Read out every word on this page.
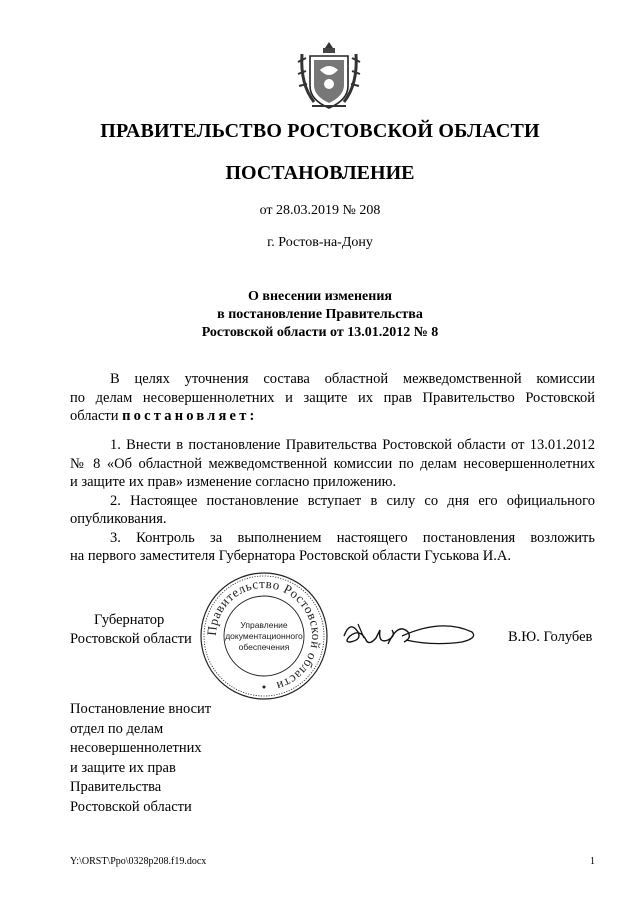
ПРАВИТЕЛЬСТВО РОСТОВСКОЙ ОБЛАСТИ
ПОСТАНОВЛЕНИЕ
от 28.03.2019 № 208
г. Ростов-на-Дону
О внесении изменения
в постановление Правительства
Ростовской области от 13.01.2012 № 8
В целях уточнения состава областной межведомственной комиссии
по делам несовершеннолетних и защите их прав Правительство Ростовской
области постановляет:
1. Внести в постановление Правительства Ростовской области от 13.01.2012
№ 8 «Об областной межведомственной комиссии по делам несовершеннолетних
и защите их прав» изменение согласно приложению.
2. Настоящее постановление вступает в силу со дня его официального
опубликования.
3. Контроль за выполнением настоящего постановления возложить
на первого заместителя Губернатора Ростовской области Гуськова И.А.
Губернатор
Ростовской области
Правительство Ростовской области
Управление
документационного
обеспечения
В.Ю. Голубев
Постановление вносит
отдел по делам
несовершеннолетних
и защите их прав
Правительства
Ростовской области
Y:\ORST\Ppo\0328p208.f19.docx	1
